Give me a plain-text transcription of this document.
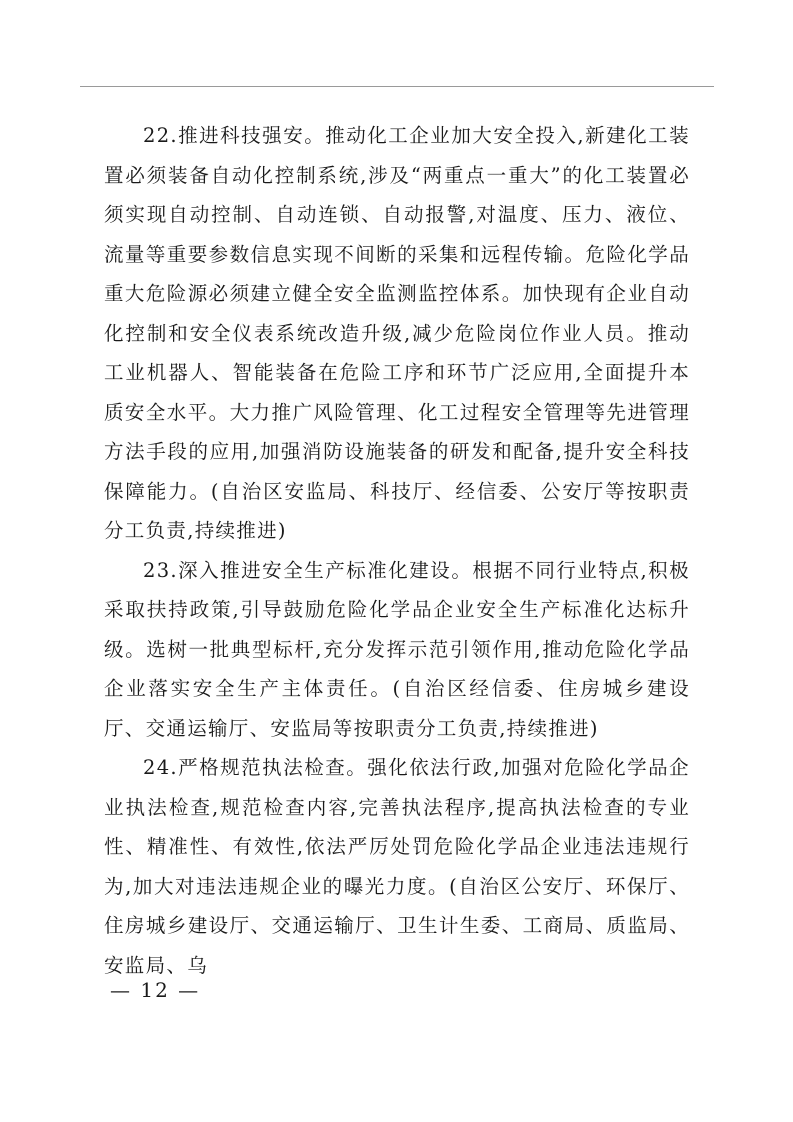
22.推进科技强安。推动化工企业加大安全投入,新建化工装置必须装备自动化控制系统,涉及“两重点一重大”的化工装置必须实现自动控制、自动连锁、自动报警,对温度、压力、液位、流量等重要参数信息实现不间断的采集和远程传输。危险化学品重大危险源必须建立健全安全监测监控体系。加快现有企业自动化控制和安全仪表系统改造升级,减少危险岗位作业人员。推动工业机器人、智能装备在危险工序和环节广泛应用,全面提升本质安全水平。大力推广风险管理、化工过程安全管理等先进管理方法手段的应用,加强消防设施装备的研发和配备,提升安全科技保障能力。(自治区安监局、科技厅、经信委、公安厅等按职责分工负责,持续推进)

23.深入推进安全生产标准化建设。根据不同行业特点,积极采取扶持政策,引导鼓励危险化学品企业安全生产标准化达标升级。选树一批典型标杆,充分发挥示范引领作用,推动危险化学品企业落实安全生产主体责任。(自治区经信委、住房城乡建设厅、交通运输厅、安监局等按职责分工负责,持续推进)

24.严格规范执法检查。强化依法行政,加强对危险化学品企业执法检查,规范检查内容,完善执法程序,提高执法检查的专业性、精准性、有效性,依法严厉处罚危险化学品企业违法违规行为,加大对违法违规企业的曝光力度。(自治区公安厅、环保厅、住房城乡建设厅、交通运输厅、卫生计生委、工商局、质监局、安监局、乌

— 12 —
